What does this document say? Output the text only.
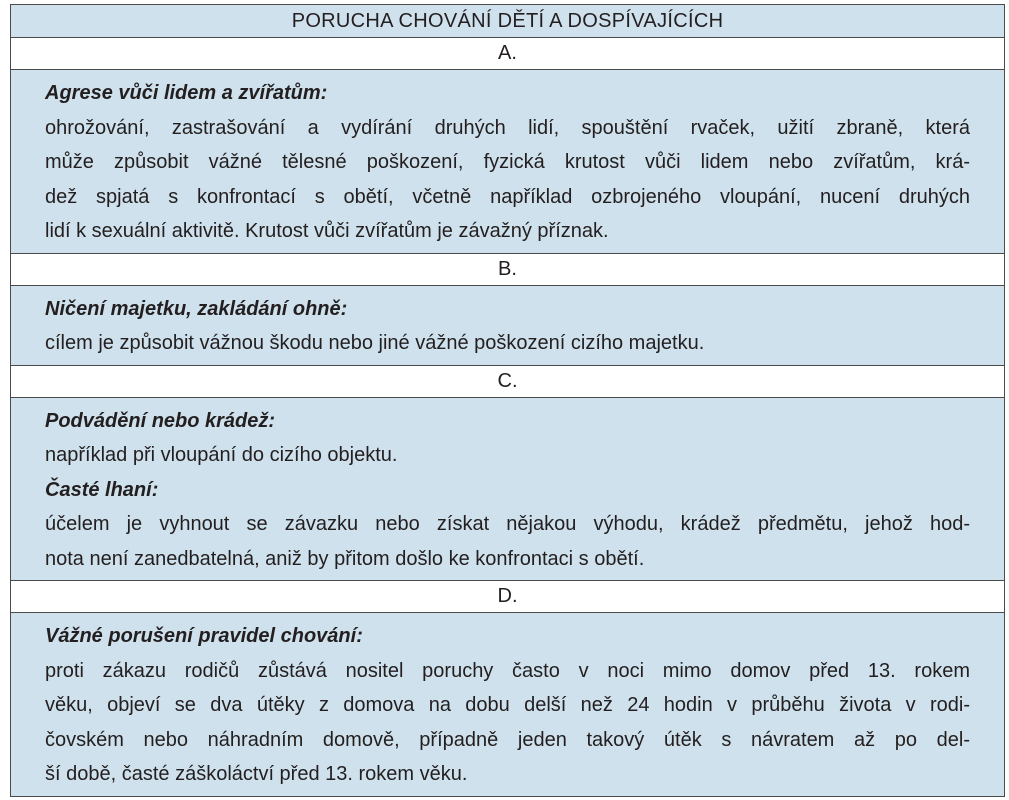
PORUCHA CHOVÁNÍ DĚTÍ A DOSPÍVAJÍCÍCH
A.

Agrese vůči lidem a zvířatům:

ohrožování, zastrašování a vydírání druhých lidí, spouštění rvaček, užití zbraně, která
může způsobit vážné tělesné poškození, fyzická krutost vůči lidem nebo zvířatům, krá-
dež spjatá s konfrontací s obětí, včetně například ozbrojeného vloupání, nucení druhých
lidí k sexuální aktivitě. Krutost vůči zvířatům je závažný příznak.

B.

Ničení majetku, zakládání ohně:

cílem je způsobit vážnou škodu nebo jiné vážné poškození cizího majetku.

C.

Podvádění nebo krádež:

například při vloupání do cizího objektu.

Časté lhaní:

účelem je vyhnout se závazku nebo získat nějakou výhodu, krádež předmětu, jehož hod-
nota není zanedbatelná, aniž by přitom došlo ke konfrontaci s obětí.

D.

Vážné porušení pravidel chování:

proti zákazu rodičů zůstává nositel poruchy často v noci mimo domov před 13. rokem
věku, objeví se dva útěky z domova na dobu delší než 24 hodin v průběhu života v rodi-
čovském nebo náhradním domově, případně jeden takový útěk s návratem až po del-
ší době, časté záškoláctví před 13. rokem věku.
